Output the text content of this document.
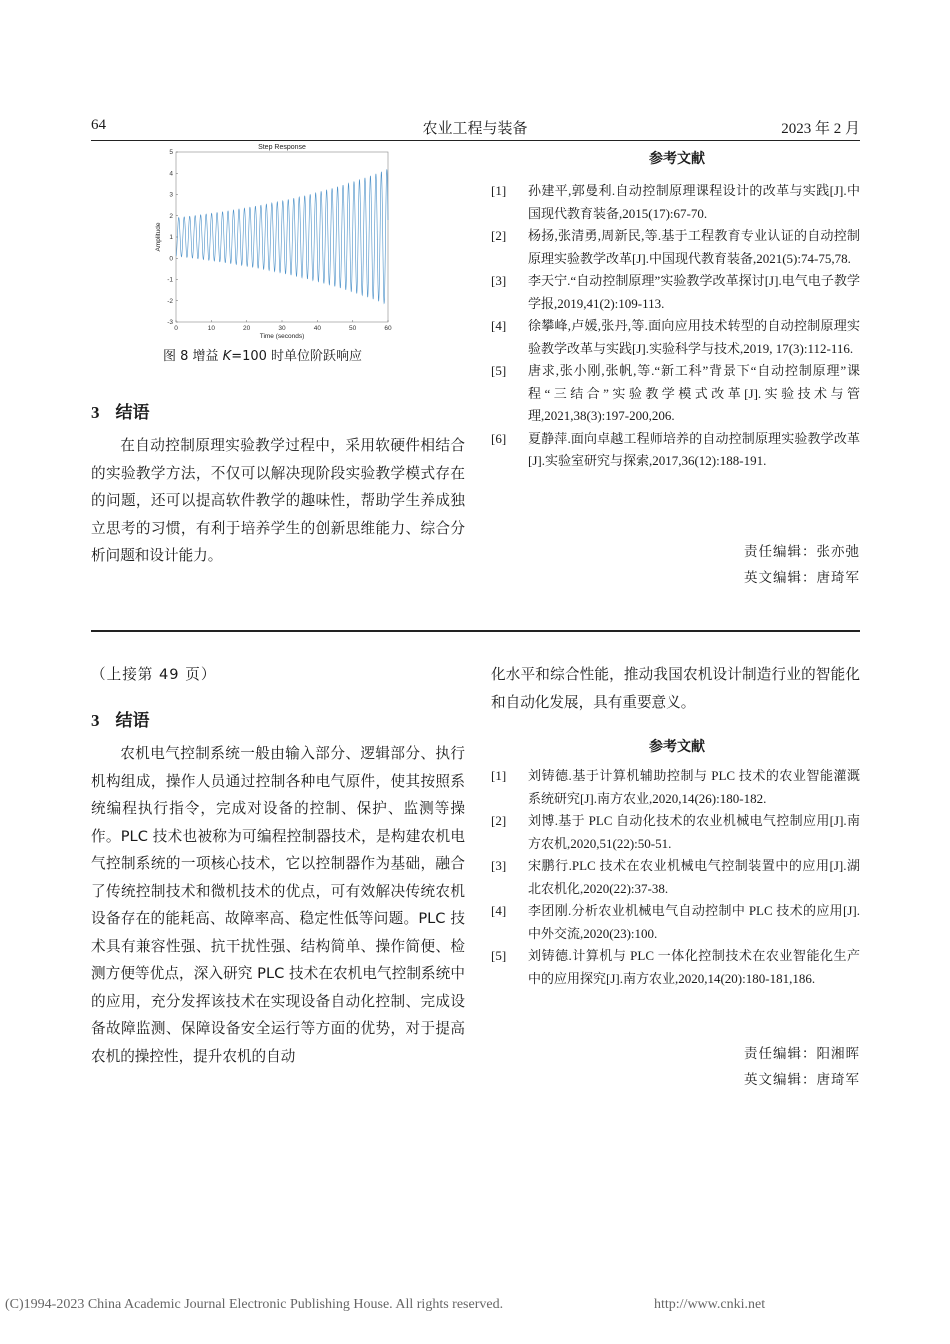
64	农业工程与装备	2023 年 2 月
Step Response
0	10	20	30	40	50	60
-3
-2
-1
0
1
2
3
4
5
Time (seconds)
Amplitude
图 8 增益 K=100 时单位阶跃响应
3 结语

在自动控制原理实验教学过程中，采用软硬件相结合的实验教学方法，不仅可以解决现阶段实验教学模式存在的问题，还可以提高软件教学的趣味性，帮助学生养成独立思考的习惯，有利于培养学生的创新思维能力、综合分析问题和设计能力。

参考文献
[1]	孙建平,郭曼利.自动控制原理课程设计的改革与实践[J].中国现代教育装备,2015(17):67-70.
[2]	杨扬,张清勇,周新民,等.基于工程教育专业认证的自动控制原理实验教学改革[J].中国现代教育装备,2021(5):74-75,78.
[3]	李天宁.“自动控制原理”实验教学改革探讨[J].电气电子教学学报,2019,41(2):109-113.
[4]	徐攀峰,卢媛,张丹,等.面向应用技术转型的自动控制原理实验教学改革与实践[J].实验科学与技术,2019, 17(3):112-116.
[5]	唐求,张小刚,张帆,等.“新工科”背景下“自动控制原理”课程“三结合”实验教学模式改革[J].实验技术与管理,2021,38(3):197-200,206.
[6]	夏静萍.面向卓越工程师培养的自动控制原理实验教学改革[J].实验室研究与探索,2017,36(12):188-191.
责任编辑：张亦弛
英文编辑：唐琦军
（上接第 49 页）
3 结语

农机电气控制系统一般由输入部分、逻辑部分、执行机构组成，操作人员通过控制各种电气原件，使其按照系统编程执行指令，完成对设备的控制、保护、监测等操作。PLC 技术也被称为可编程控制器技术，是构建农机电气控制系统的一项核心技术，它以控制器作为基础，融合了传统控制技术和微机技术的优点，可有效解决传统农机设备存在的能耗高、故障率高、稳定性低等问题。PLC 技术具有兼容性强、抗干扰性强、结构简单、操作简便、检测方便等优点，深入研究 PLC 技术在农机电气控制系统中的应用，充分发挥该技术在实现设备自动化控制、完成设备故障监测、保障设备安全运行等方面的优势，对于提高农机的操控性，提升农机的自动

化水平和综合性能，推动我国农机设计制造行业的智能化和自动化发展，具有重要意义。

参考文献
[1]	刘铸德.基于计算机辅助控制与 PLC 技术的农业智能灌溉系统研究[J].南方农业,2020,14(26):180-182.
[2]	刘博.基于 PLC 自动化技术的农业机械电气控制应用[J].南方农机,2020,51(22):50-51.
[3]	宋鹏行.PLC 技术在农业机械电气控制装置中的应用[J].湖北农机化,2020(22):37-38.
[4]	李团刚.分析农业机械电气自动控制中 PLC 技术的应用[J].中外交流,2020(23):100.
[5]	刘铸德.计算机与 PLC 一体化控制技术在农业智能化生产中的应用探究[J].南方农业,2020,14(20):180-181,186.
责任编辑：阳湘晖
英文编辑：唐琦军
(C)1994-2023 China Academic Journal Electronic Publishing House. All rights reserved.	http://www.cnki.net
